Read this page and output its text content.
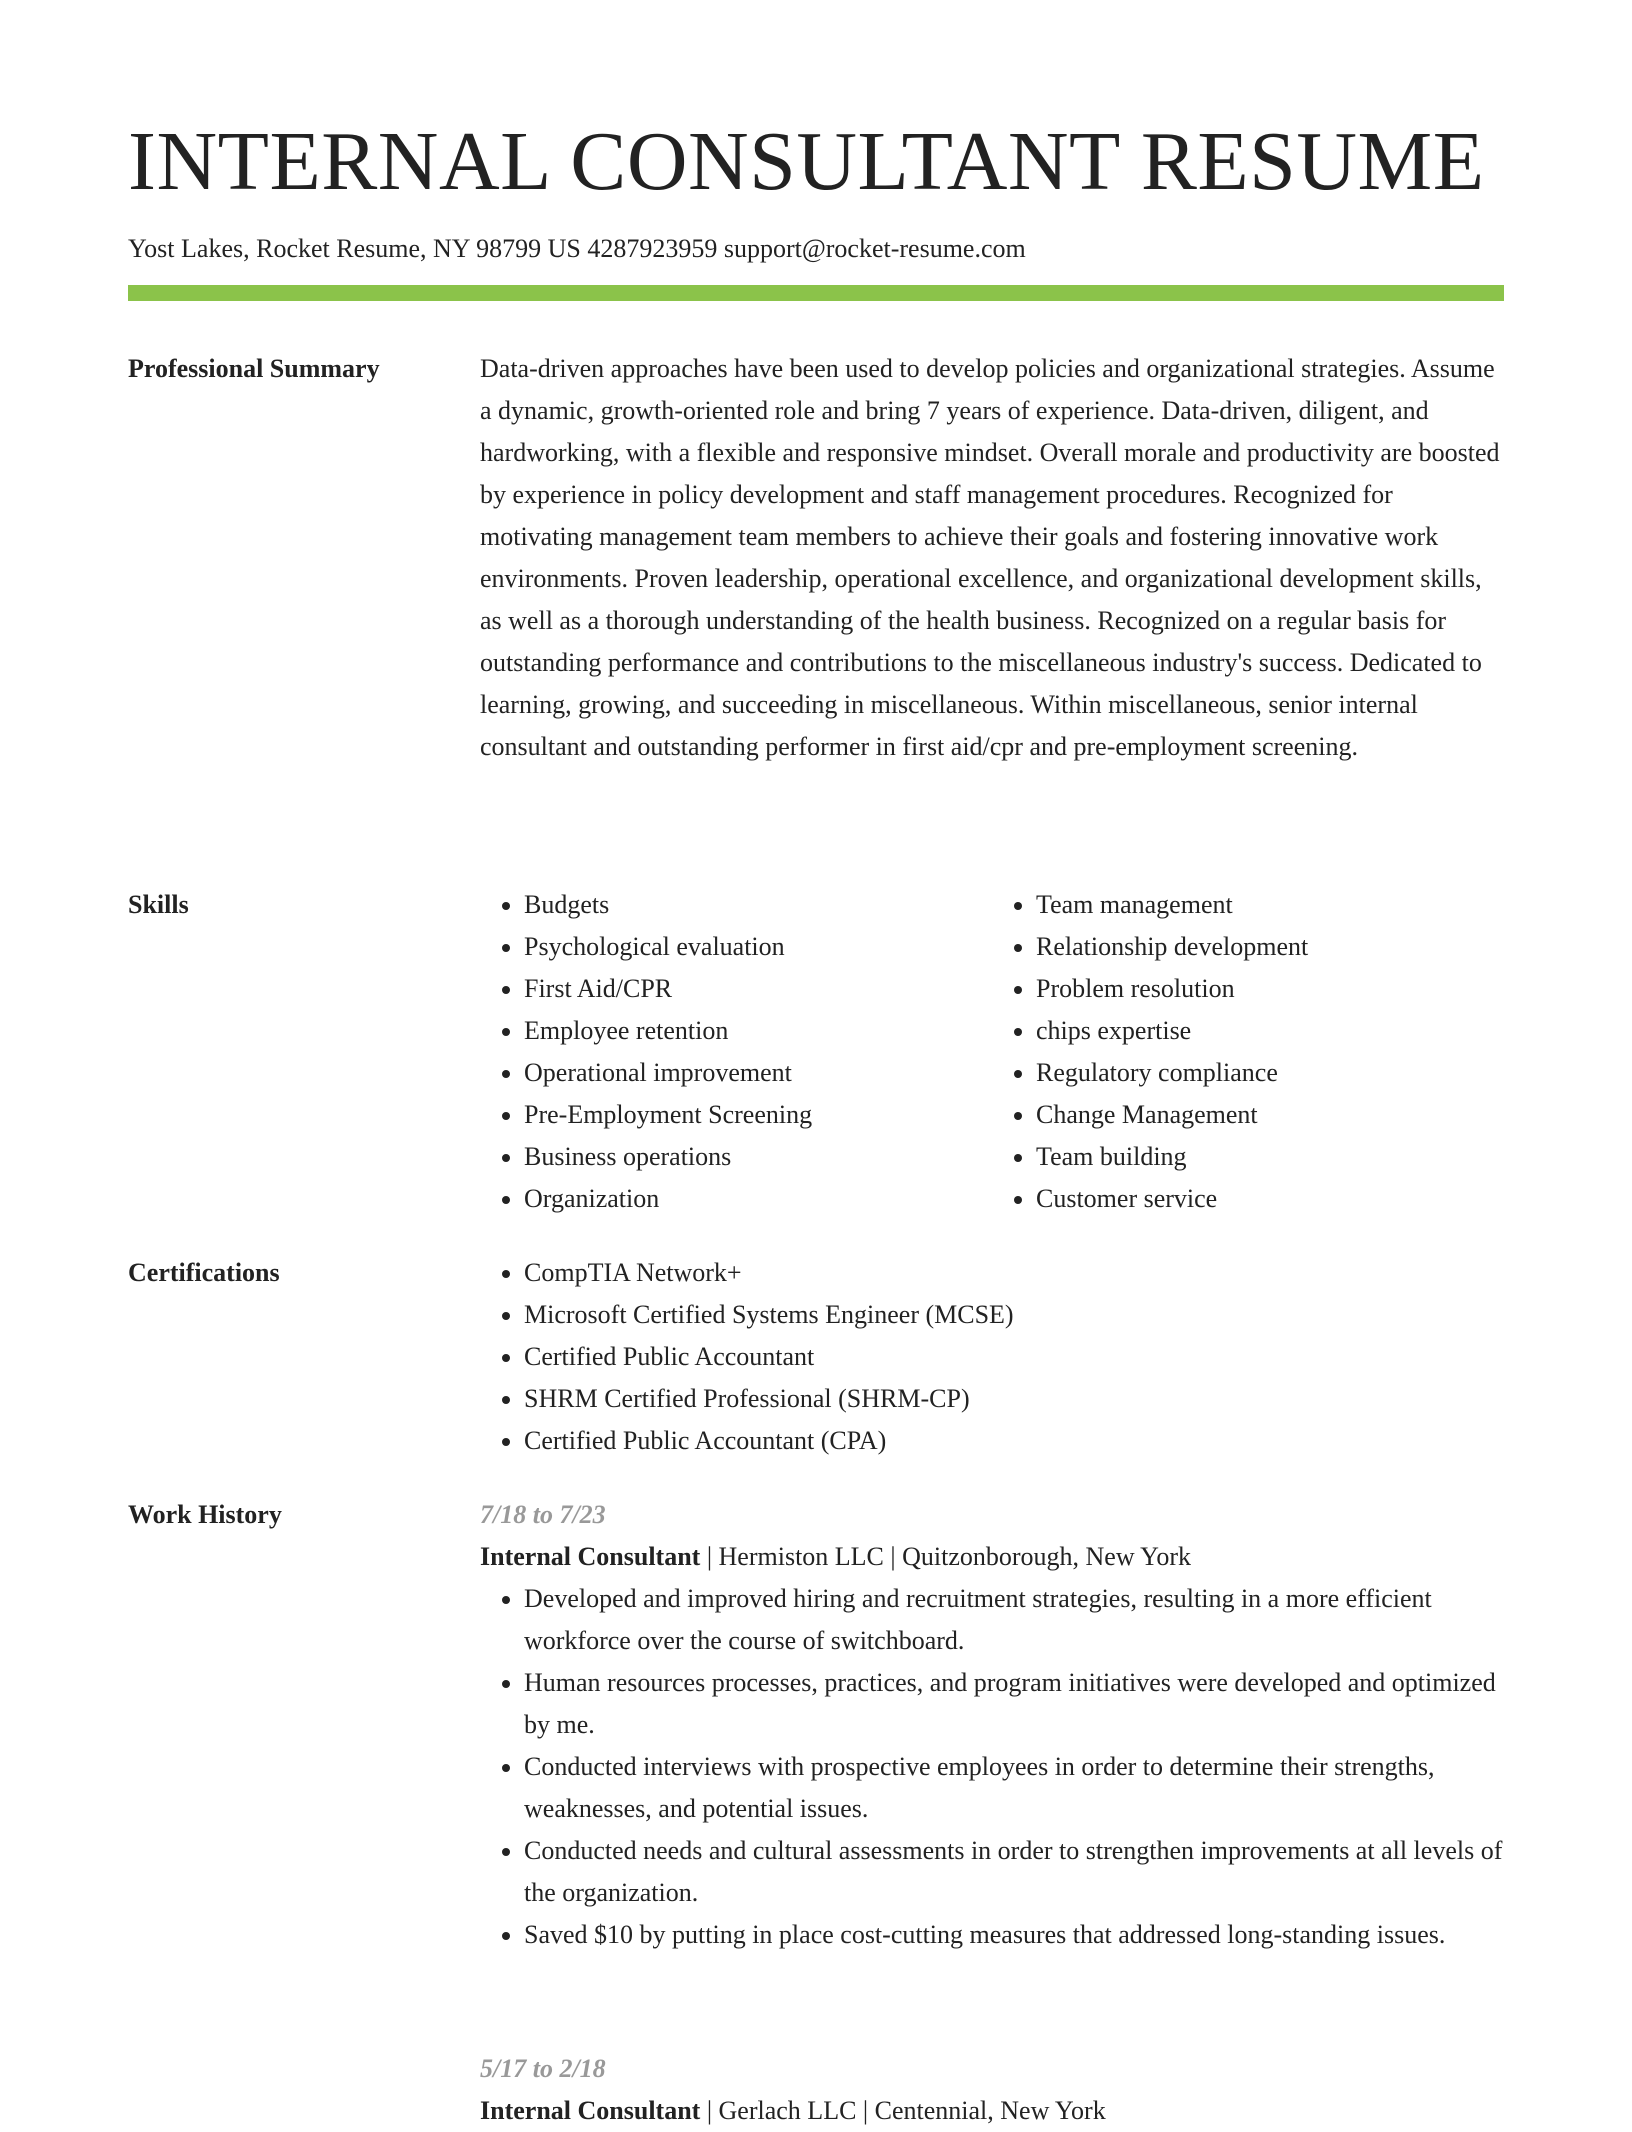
INTERNAL CONSULTANT RESUME
Yost Lakes, Rocket Resume, NY 98799 US 4287923959 support@rocket-resume.com
Professional Summary	Data-driven approaches have been used to develop policies and organizational strategies. Assume a dynamic, growth-oriented role and bring 7 years of experience. Data-driven, diligent, and hardworking, with a flexible and responsive mindset. Overall morale and productivity are boosted by experience in policy development and staff management procedures. Recognized for motivating management team members to achieve their goals and fostering innovative work environments. Proven leadership, operational excellence, and organizational development skills, as well as a thorough understanding of the health business. Recognized on a regular basis for outstanding performance and contributions to the miscellaneous industry's success. Dedicated to learning, growing, and succeeding in miscellaneous. Within miscellaneous, senior internal consultant and outstanding performer in first aid/cpr and pre-employment screening.

Skills	• Budgets
• Psychological evaluation
• First Aid/CPR
• Employee retention
• Operational improvement
• Pre-Employment Screening
• Business operations
• Organization
• Team management
• Relationship development
• Problem resolution
• chips expertise
• Regulatory compliance
• Change Management
• Team building
• Customer service
Certifications	• CompTIA Network+
• Microsoft Certified Systems Engineer (MCSE)
• Certified Public Accountant
• SHRM Certified Professional (SHRM-CP)
• Certified Public Accountant (CPA)
Work History	7/18 to 7/23
Internal Consultant | Hermiston LLC | Quitzonborough, New York
• Developed and improved hiring and recruitment strategies, resulting in a more efficient workforce over the course of switchboard.
• Human resources processes, practices, and program initiatives were developed and optimized by me.
• Conducted interviews with prospective employees in order to determine their strengths, weaknesses, and potential issues.
• Conducted needs and cultural assessments in order to strengthen improvements at all levels of the organization.
• Saved $10 by putting in place cost-cutting measures that addressed long-standing issues.
5/17 to 2/18
Internal Consultant | Gerlach LLC | Centennial, New York
